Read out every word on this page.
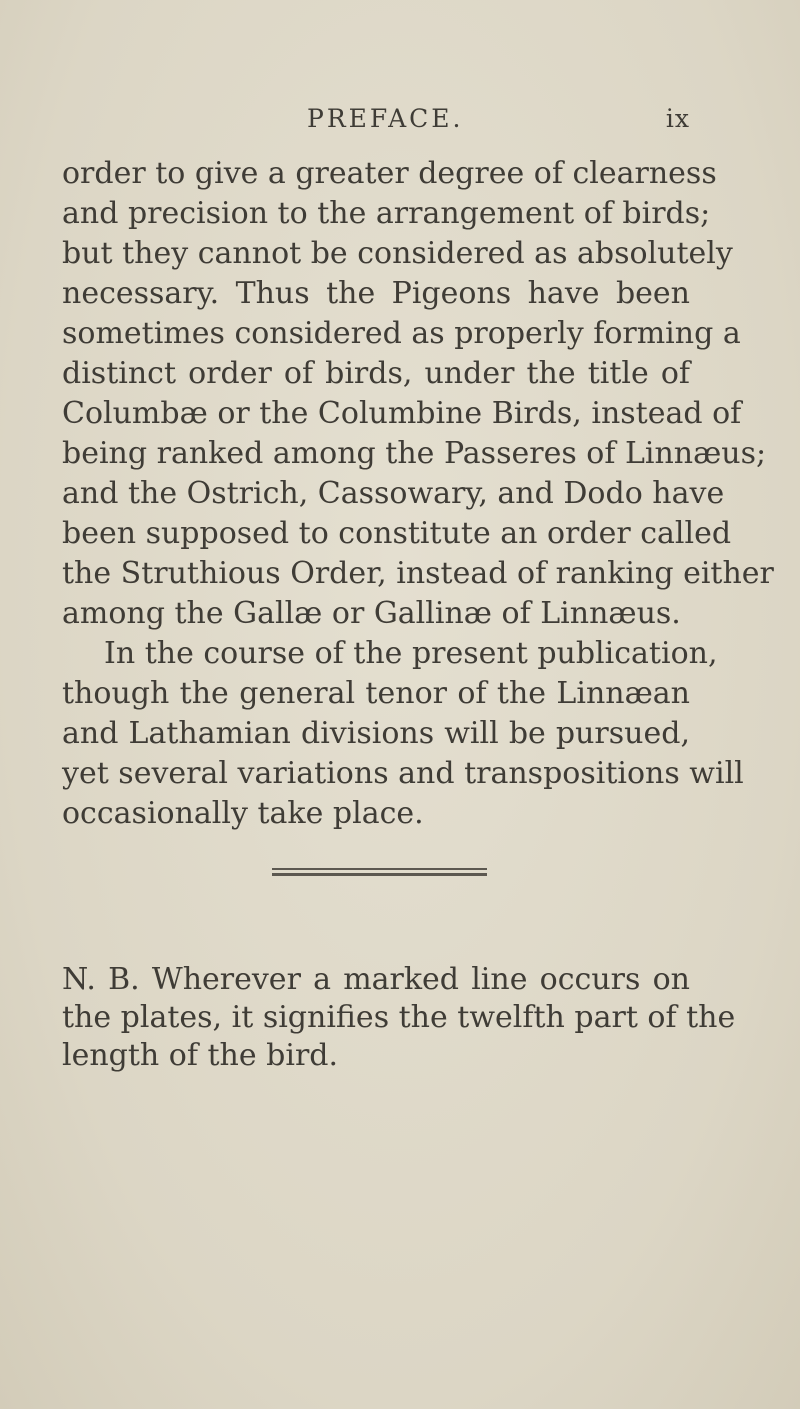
PREFACE.	ix
order to give a greater degree of clearness
and precision to the arrangement of birds;
but they cannot be considered as absolutely
necessary. Thus the Pigeons have been
sometimes considered as properly forming a
distinct order of birds, under the title of
Columbæ or the Columbine Birds, instead of
being ranked among the Passeres of Linnæus;
and the Ostrich, Cassowary, and Dodo have
been supposed to constitute an order called
the Struthious Order, instead of ranking either
among the Gallæ or Gallinæ of Linnæus.
In the course of the present publication,
though the general tenor of the Linnæan
and Lathamian divisions will be pursued,
yet several variations and transpositions will
occasionally take place.
N. B. Wherever a marked line occurs on
the plates, it signifies the twelfth part of the
length of the bird.
